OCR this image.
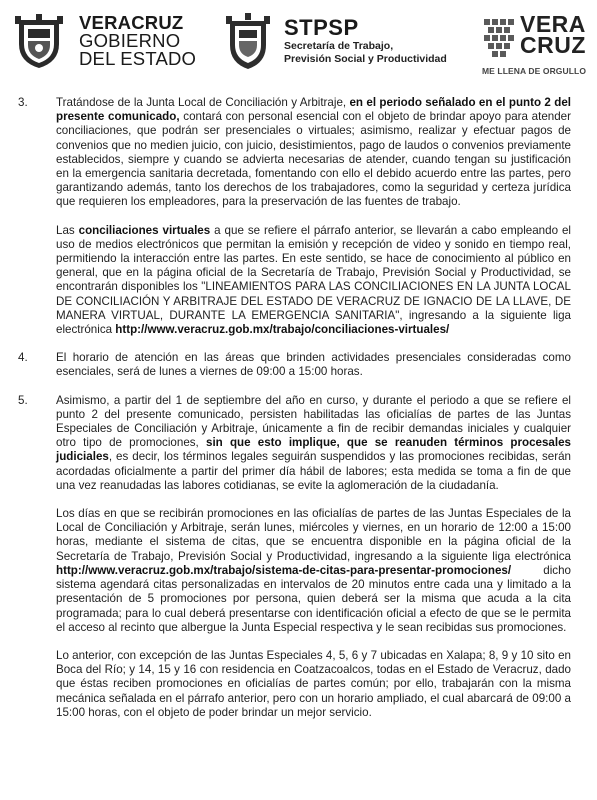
VERACRUZ
GOBIERNO
DEL ESTADO
STPSP
Secretaría de Trabajo,
Previsión Social y Productividad
VERA
CRUZ
ME LLENA DE ORGULLO
3. Tratándose de la Junta Local de Conciliación y Arbitraje, en el periodo señalado en el punto 2 del presente comunicado, contará con personal esencial con el objeto de brindar apoyo para atender conciliaciones, que podrán ser presenciales o virtuales; asimismo, realizar y efectuar pagos de convenios que no medien juicio, con juicio, desistimientos, pago de laudos o convenios previamente establecidos, siempre y cuando se advierta necesarias de atender, cuando tengan su justificación en la emergencia sanitaria decretada, fomentando con ello el debido acuerdo entre las partes, pero garantizando además, tanto los derechos de los trabajadores, como la seguridad y certeza jurídica que requieren los empleadores, para la preservación de las fuentes de trabajo.
Las conciliaciones virtuales a que se refiere el párrafo anterior, se llevarán a cabo empleando el uso de medios electrónicos que permitan la emisión y recepción de video y sonido en tiempo real, permitiendo la interacción entre las partes. En este sentido, se hace de conocimiento al público en general, que en la página oficial de la Secretaría de Trabajo, Previsión Social y Productividad, se encontrarán disponibles los "LINEAMIENTOS PARA LAS CONCILIACIONES EN LA JUNTA LOCAL DE CONCILIACIÓN Y ARBITRAJE DEL ESTADO DE VERACRUZ DE IGNACIO DE LA LLAVE, DE MANERA VIRTUAL, DURANTE LA EMERGENCIA SANITARIA", ingresando a la siguiente liga electrónica http://www.veracruz.gob.mx/trabajo/conciliaciones-virtuales/
4. El horario de atención en las áreas que brinden actividades presenciales consideradas como esenciales, será de lunes a viernes de 09:00 a 15:00 horas.
5. Asimismo, a partir del 1 de septiembre del año en curso, y durante el periodo a que se refiere el punto 2 del presente comunicado, persisten habilitadas las oficialías de partes de las Juntas Especiales de Conciliación y Arbitraje, únicamente a fin de recibir demandas iniciales y cualquier otro tipo de promociones, sin que esto implique, que se reanuden términos procesales judiciales, es decir, los términos legales seguirán suspendidos y las promociones recibidas, serán acordadas oficialmente a partir del primer día hábil de labores; esta medida se toma a fin de que una vez reanudadas las labores cotidianas, se evite la aglomeración de la ciudadanía.
Los días en que se recibirán promociones en las oficialías de partes de las Juntas Especiales de la Local de Conciliación y Arbitraje, serán lunes, miércoles y viernes, en un horario de 12:00 a 15:00 horas, mediante el sistema de citas, que se encuentra disponible en la página oficial de la Secretaría de Trabajo, Previsión Social y Productividad, ingresando a la siguiente liga electrónica http://www.veracruz.gob.mx/trabajo/sistema-de-citas-para-presentar-promociones/ dicho sistema agendará citas personalizadas en intervalos de 20 minutos entre cada una y limitado a la presentación de 5 promociones por persona, quien deberá ser la misma que acuda a la cita programada; para lo cual deberá presentarse con identificación oficial a efecto de que se le permita el acceso al recinto que albergue la Junta Especial respectiva y le sean recibidas sus promociones.
Lo anterior, con excepción de las Juntas Especiales 4, 5, 6 y 7 ubicadas en Xalapa; 8, 9 y 10 sito en Boca del Río; y 14, 15 y 16 con residencia en Coatzacoalcos, todas en el Estado de Veracruz, dado que éstas reciben promociones en oficialías de partes común; por ello, trabajarán con la misma mecánica señalada en el párrafo anterior, pero con un horario ampliado, el cual abarcará de 09:00 a 15:00 horas, con el objeto de poder brindar un mejor servicio.
